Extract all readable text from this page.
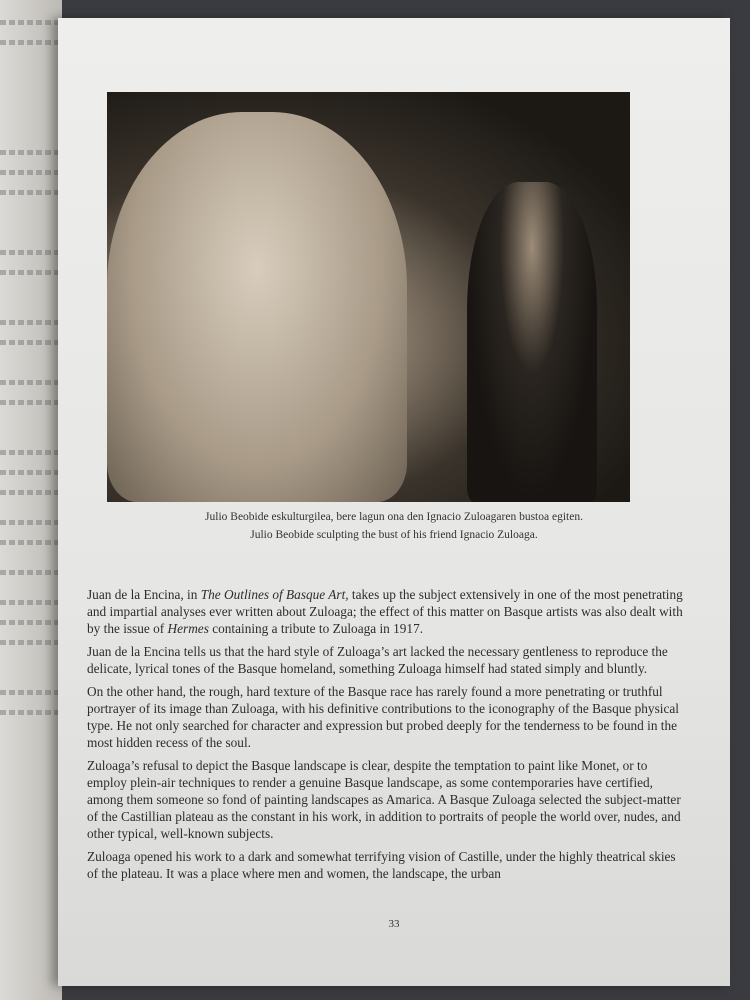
Julio Beobide eskulturgilea, bere lagun ona den Ignacio Zuloagaren bustoa egiten.
Julio Beobide sculpting the bust of his friend Ignacio Zuloaga.

Juan de la Encina, in The Outlines of Basque Art, takes up the subject extensively in one of the most penetrating and impartial analyses ever written about Zuloaga; the effect of this matter on Basque artists was also dealt with by the issue of Hermes containing a tribute to Zuloaga in 1917.

Juan de la Encina tells us that the hard style of Zuloaga’s art lacked the necessary gentleness to reproduce the delicate, lyrical tones of the Basque homeland, something Zuloaga himself had stated simply and bluntly.

On the other hand, the rough, hard texture of the Basque race has rarely found a more penetrating or truthful portrayer of its image than Zuloaga, with his definitive contributions to the iconography of the Basque physical type. He not only searched for character and expression but probed deeply for the tenderness to be found in the most hidden recess of the soul.

Zuloaga’s refusal to depict the Basque landscape is clear, despite the temptation to paint like Monet, or to employ plein-air techniques to render a genuine Basque landscape, as some contemporaries have certified, among them someone so fond of painting landscapes as Amarica. A Basque Zuloaga selected the subject-matter of the Castillian plateau as the constant in his work, in addition to portraits of people the world over, nudes, and other typical, well-known subjects.

Zuloaga opened his work to a dark and somewhat terrifying vision of Castille, under the highly theatrical skies of the plateau. It was a place where men and women, the landscape, the urban

33
